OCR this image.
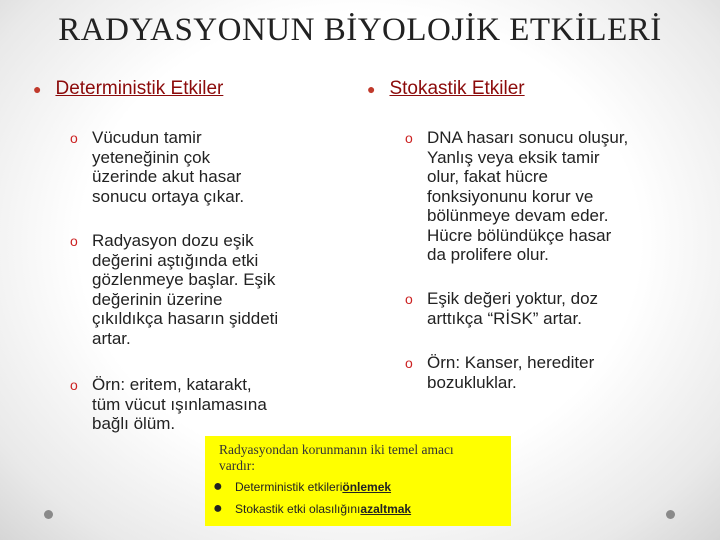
RADYASYONUN BİYOLOJİK ETKİLERİ
● Deterministik Etkiler
o Vücudun tamir
yeteneğinin çok
üzerinde akut hasar
sonucu ortaya çıkar.
o Radyasyon dozu eşik
değerini aştığında etki
gözlenmeye başlar. Eşik
değerinin üzerine
çıkıldıkça hasarın şiddeti
artar.
o Örn: eritem, katarakt,
tüm vücut ışınlamasına
bağlı ölüm.
● Stokastik Etkiler
o DNA hasarı sonucu oluşur,
Yanlış veya eksik tamir
olur, fakat hücre
fonksiyonunu korur ve
bölünmeye devam eder.
Hücre bölündükçe hasar
da prolifere olur.
o Eşik değeri yoktur, doz
arttıkça “RİSK” artar.
o Örn: Kanser, herediter
bozukluklar.
Radyasyondan korunmanın iki temel amacı
vardır:
●	Deterministik etkileri önlemek
●	Stokastik etki olasılığını azaltmak
